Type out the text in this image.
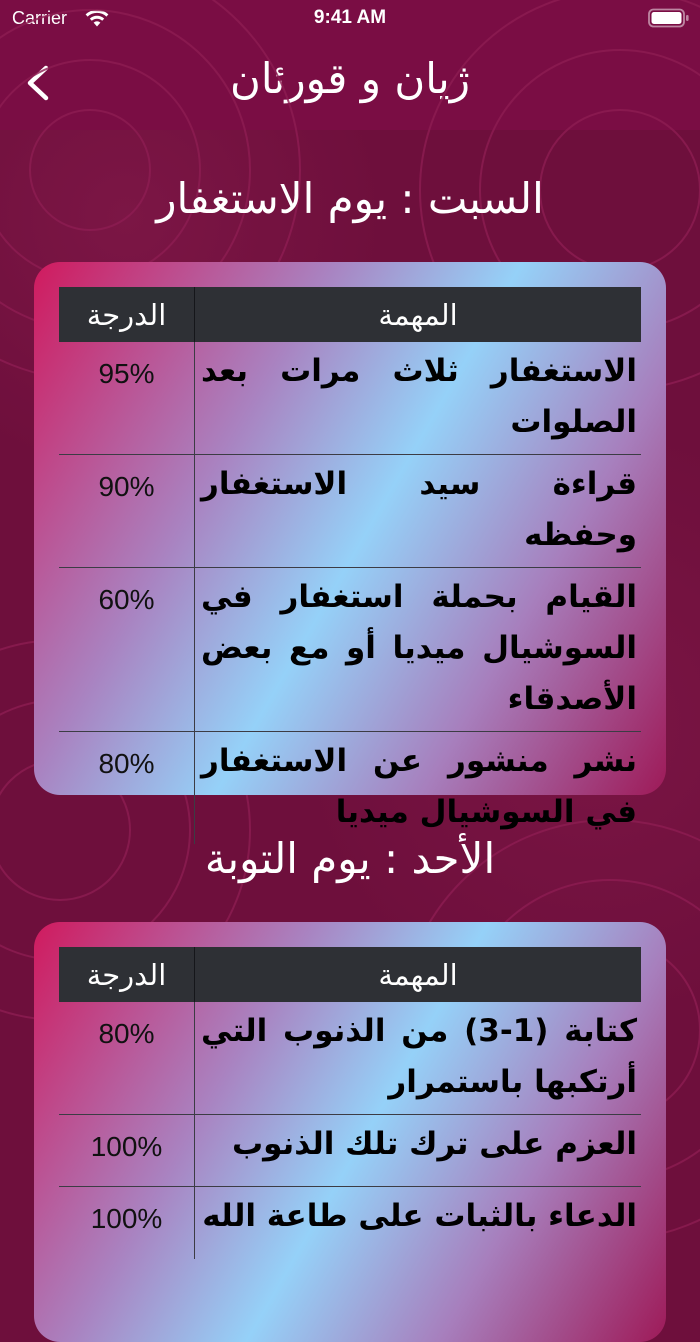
Carrier	9:41 AM
ژيان و قورئان
السبت : يوم الاستغفار
المهمة	الدرجة
الاستغفار ثلاث مرات بعد الصلوات	95%
قراءة سيد الاستغفار وحفظه	90%
القيام بحملة استغفار في السوشيال ميديا أو مع بعض الأصدقاء	60%
نشر منشور عن الاستغفار في السوشيال ميديا	80%
الأحد : يوم التوبة
المهمة	الدرجة
كتابة (1-3) من الذنوب التي أرتكبها باستمرار	80%
العزم على ترك تلك الذنوب	100%
الدعاء بالثبات على طاعة الله	100%
